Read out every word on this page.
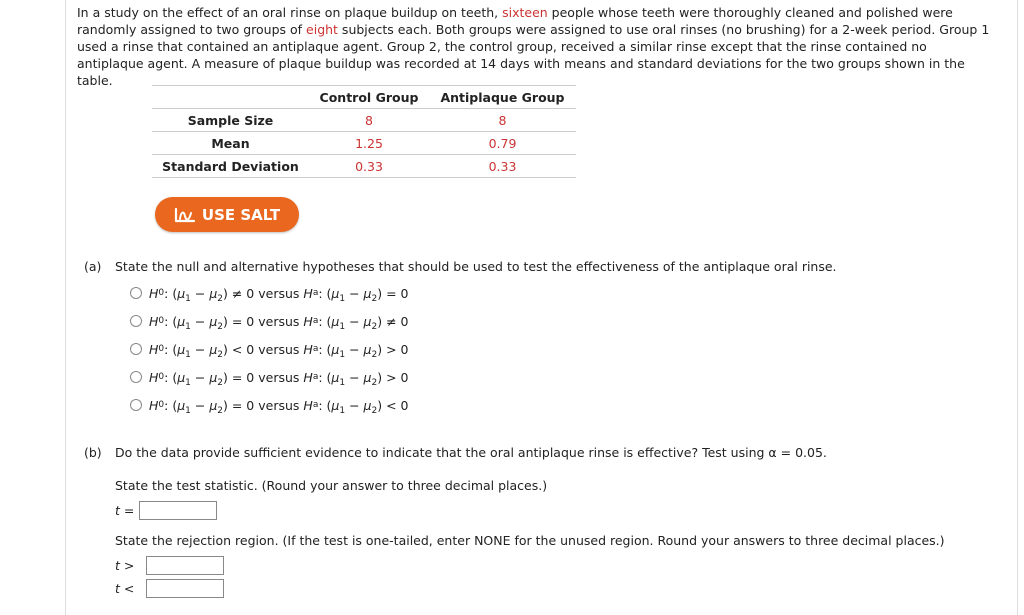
In a study on the effect of an oral rinse on plaque buildup on teeth, sixteen people whose teeth were thoroughly cleaned and polished were randomly assigned to two groups of eight subjects each. Both groups were assigned to use oral rinses (no brushing) for a 2-week period. Group 1 used a rinse that contained an antiplaque agent. Group 2, the control group, received a similar rinse except that the rinse contained no antiplaque agent. A measure of plaque buildup was recorded at 14 days with means and standard deviations for the two groups shown in the table.

	Control Group	Antiplaque Group
Sample Size	8	8
Mean	1.25	0.79
Standard Deviation	0.33	0.33
USE SALT
(a) State the null and alternative hypotheses that should be used to test the effectiveness of the antiplaque oral rinse.
H 0 : $(\mu_1 - \mu_2) \ne 0$
versus
H a : $(\mu_1 - \mu_2) = 0$
H 0 : $(\mu_1 - \mu_2) = 0$
versus
H a : $(\mu_1 - \mu_2) \ne 0$
H 0 : $(\mu_1 - \mu_2) < 0$
versus
H a : $(\mu_1 - \mu_2) > 0$
H 0 : $(\mu_1 - \mu_2) = 0$
versus
H a : $(\mu_1 - \mu_2) > 0$
H 0 : $(\mu_1 - \mu_2) = 0$
versus
H a : $(\mu_1 - \mu_2) < 0$
(b) Do the data provide sufficient evidence to indicate that the oral antiplaque rinse is effective? Test using α = 0.05.
State the test statistic. (Round your answer to three decimal places.)
t =
State the rejection region. (If the test is one-tailed, enter NONE for the unused region. Round your answers to three decimal places.)
t >
t <
